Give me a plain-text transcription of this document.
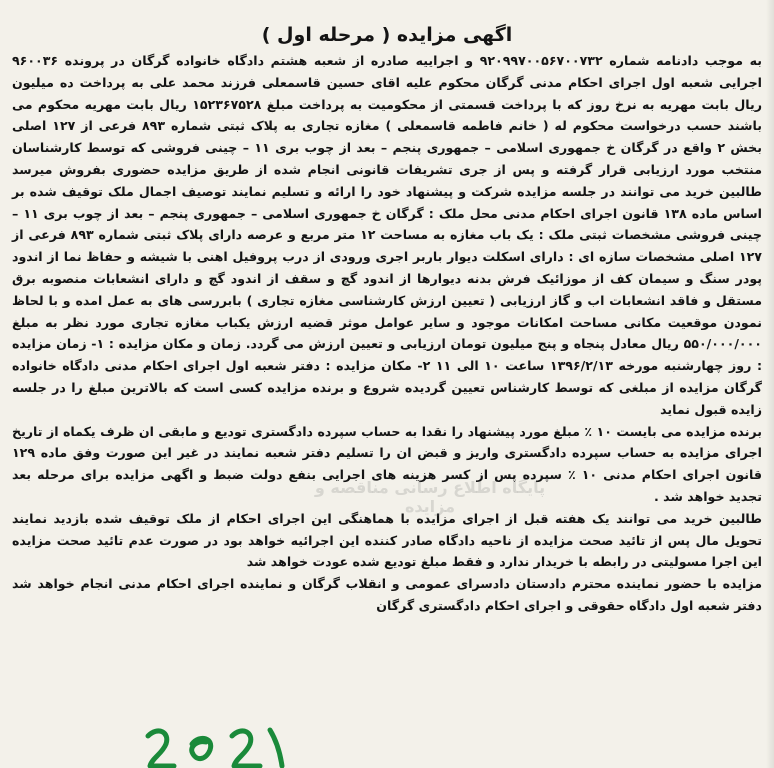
اگهی مزایده ( مرحله اول )

به موجب دادنامه شماره ۹۲۰۹۹۷۰۰۵۶۷۰۰۷۳۲ و اجراییه صادره از شعبه هشتم دادگاه خانواده گرگان در پرونده ۹۶۰۰۳۶ اجرایی شعبه اول اجرای احکام مدنی گرگان محکوم علیه اقای حسین قاسمعلی فرزند محمد علی به پرداخت ده میلیون ریال بابت مهریه به نرخ روز که با پرداخت قسمتی از محکومیت به پرداخت مبلغ ۱۵۲۳۶۷۵۲۸ ریال بابت مهریه محکوم می باشند حسب درخواست محکوم له ( خانم فاطمه قاسمعلی ) مغازه تجاری به پلاک ثبتی شماره ۸۹۳ فرعی از ۱۲۷ اصلی بخش ۲ واقع در گرگان خ جمهوری اسلامی – جمهوری پنجم – بعد از چوب بری ۱۱ – چینی فروشی که توسط کارشناسان منتخب مورد ارزیابی قرار گرفته و پس از جری تشریفات قانونی انجام شده از طریق مزایده حضوری بفروش میرسد طالبین خرید می توانند در جلسه مزایده شرکت و پیشنهاد خود را ارائه و تسلیم نمایند توصیف اجمال ملک توقیف شده بر اساس ماده ۱۳۸ قانون اجرای احکام مدنی محل ملک : گرگان خ جمهوری اسلامی – جمهوری پنجم – بعد از چوب بری ۱۱ – چینی فروشی مشخصات ثبتی ملک : یک باب مغازه به مساحت ۱۲ متر مربع و عرصه دارای پلاک ثبتی شماره ۸۹۳ فرعی از ۱۲۷ اصلی مشخصات سازه ای : دارای اسکلت دیوار باربر اجری ورودی از درب پروفیل اهنی با شیشه و حفاظ نما از اندود پودر سنگ و سیمان کف از موزائیک فرش بدنه دیوارها از اندود گچ و سقف از اندود گچ و دارای انشعابات منصوبه برق مستقل و فاقد انشعابات اب و گاز ارزیابی ( تعیین ارزش کارشناسی مغازه تجاری ) بابررسی های به عمل امده و با لحاظ نمودن موقعیت مکانی مساحت امکانات موجود و سایر عوامل موثر قضیه ارزش یکباب مغازه تجاری مورد نظر به مبلغ ۵۵۰/۰۰۰/۰۰۰ ریال معادل پنجاه و پنج میلیون تومان ارزیابی و تعیین ارزش می گردد. زمان و مکان مزایده : ۱- زمان مزایده : روز چهارشنبه مورخه ۱۳۹۶/۲/۱۳ ساعت ۱۰ الی ۱۱ ۲- مکان مزایده : دفتر شعبه اول اجرای احکام مدنی دادگاه خانواده گرگان مزایده از مبلغی که توسط کارشناس تعیین گردیده شروع و برنده مزایده کسی است که بالاترین مبلغ را در جلسه زایده قبول نماید

برنده مزایده می بایست ۱۰ ٪ مبلغ مورد پیشنهاد را نقدا به حساب سپرده دادگستری تودیع و مابقی ان ظرف یکماه از تاریخ اجرای مزایده به حساب سپرده دادگستری واریز و قبض ان را تسلیم دفتر شعبه نمایند در غیر این صورت وفق ماده ۱۲۹ قانون اجرای احکام مدنی ۱۰ ٪ سپرده پس از کسر هزینه های اجرایی بنفع دولت ضبط و اگهی مزایده برای مرحله بعد تجدید خواهد شد .

طالبین خرید می توانند یک هفته قبل از اجرای مزایده با هماهنگی این اجرای احکام از ملک توقیف شده بازدید نمایند تحویل مال پس از تائید صحت مزایده از ناحیه دادگاه صادر کننده این اجرائیه خواهد بود در صورت عدم تائید صحت مزایده این اجرا مسولیتی در رابطه با خریدار ندارد و فقط مبلغ تودیع شده عودت خواهد شد

مزایده با حضور نماینده محترم دادستان دادسرای عمومی و انقلاب گرگان و نماینده اجرای احکام مدنی انجام خواهد شد دفتر شعبه اول دادگاه حقوقی و اجرای احکام دادگستری گرگان

پایگاه اطلاع رسانی مناقصه و مزایده
